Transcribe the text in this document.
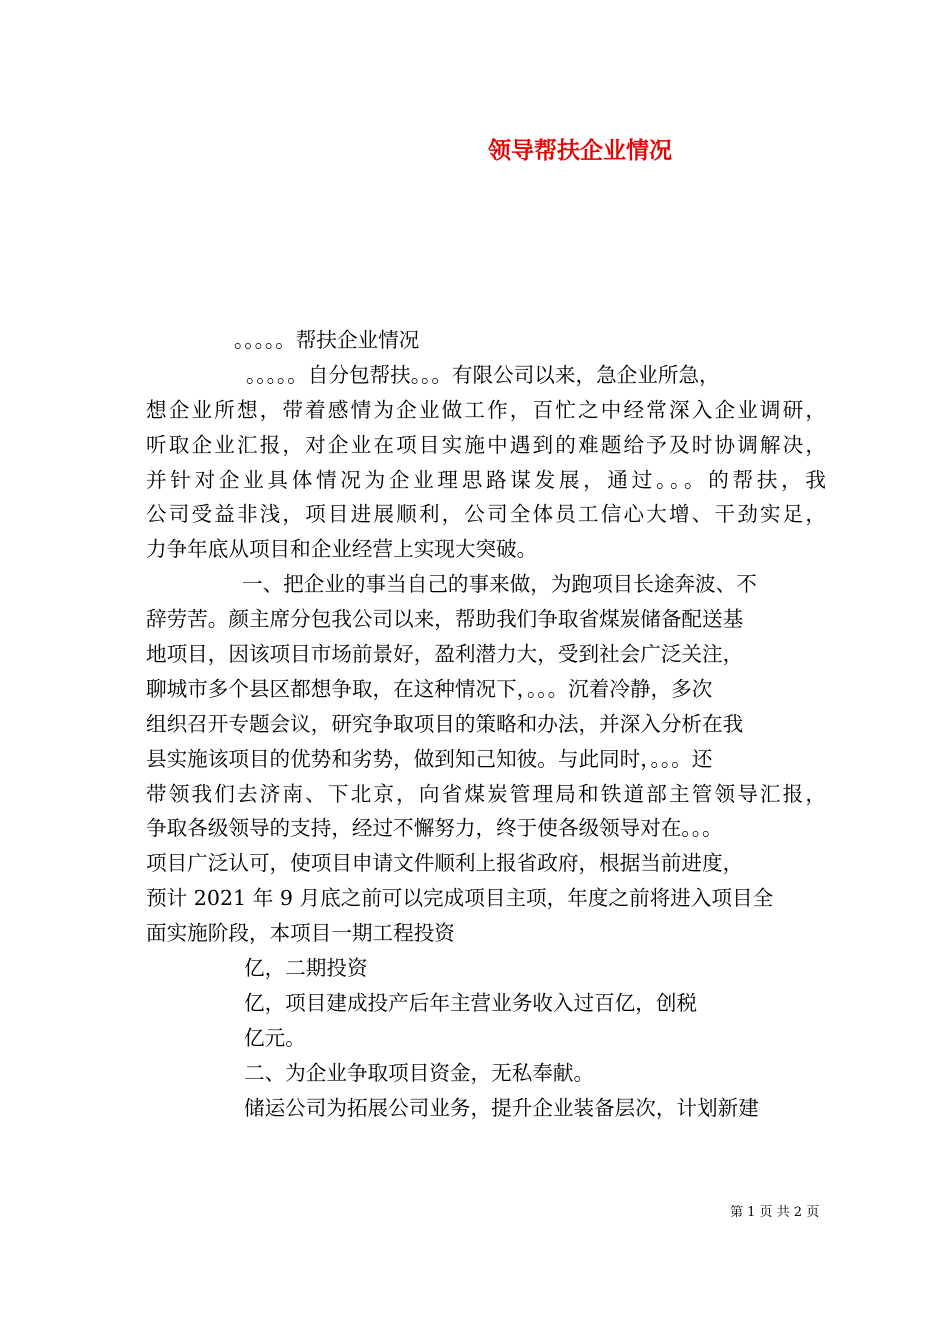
领导帮扶企业情况
。。。。。帮扶企业情况
。。。。。自分包帮扶。。。有限公司以来，急企业所急，
想企业所想，带着感情为企业做工作，百忙之中经常深入企业调研，
听取企业汇报，对企业在项目实施中遇到的难题给予及时协调解决，
并针对企业具体情况为企业理思路谋发展，通过。。。的帮扶，我
公司受益非浅，项目进展顺利，公司全体员工信心大增、干劲实足，
力争年底从项目和企业经营上实现大突破。
一、把企业的事当自己的事来做，为跑项目长途奔波、不
辞劳苦。颜主席分包我公司以来，帮助我们争取省煤炭储备配送基
地项目，因该项目市场前景好，盈利潜力大，受到社会广泛关注，
聊城市多个县区都想争取，在这种情况下，。。。沉着冷静，多次
组织召开专题会议，研究争取项目的策略和办法，并深入分析在我
县实施该项目的优势和劣势，做到知己知彼。与此同时，。。。还
带领我们去济南、下北京，向省煤炭管理局和铁道部主管领导汇报，
争取各级领导的支持，经过不懈努力，终于使各级领导对在。。。
项目广泛认可，使项目申请文件顺利上报省政府，根据当前进度，
预计 2021 年 9 月底之前可以完成项目主项，年度之前将进入项目全
面实施阶段，本项目一期工程投资
亿，二期投资
亿，项目建成投产后年主营业务收入过百亿，创税
亿元。
二、为企业争取项目资金，无私奉献。
储运公司为拓展公司业务，提升企业装备层次，计划新建
第 1 页 共 2 页
